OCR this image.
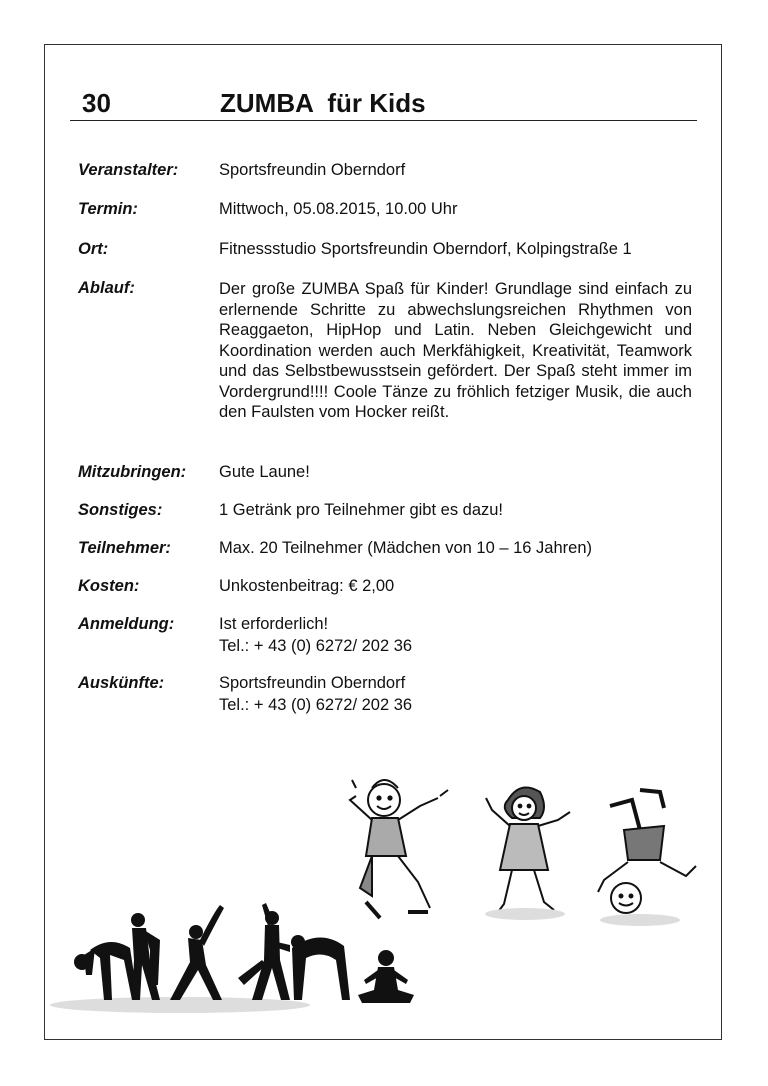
30	ZUMBA  für Kids
Veranstalter: Sportsfreundin Oberndorf
Termin:	Mittwoch, 05.08.2015, 10.00 Uhr
Ort:	Fitnessstudio Sportsfreundin Oberndorf, Kolpingstraße 1
Ablauf:	Der große ZUMBA Spaß für Kinder! Grundlage sind einfach zu erlernende Schritte zu abwechslungsreichen Rhythmen von Reaggaeton, HipHop und Latin. Neben Gleichgewicht und Koordination werden auch Merkfähigkeit, Kreativität, Teamwork und das Selbstbewusstsein gefördert. Der Spaß steht immer im Vordergrund!!!! Coole Tänze zu fröhlich fetziger Musik, die auch den Faulsten vom Hocker reißt.
Mitzubringen: Gute Laune!
Sonstiges:	1 Getränk pro Teilnehmer gibt es dazu!
Teilnehmer:	Max. 20 Teilnehmer (Mädchen von 10 – 16 Jahren)
Kosten:	Unkostenbeitrag: € 2,00
Anmeldung:	Ist erforderlich!
Tel.: + 43 (0) 6272/ 202 36
Auskünfte:	Sportsfreundin Oberndorf
Tel.: + 43 (0) 6272/ 202 36
